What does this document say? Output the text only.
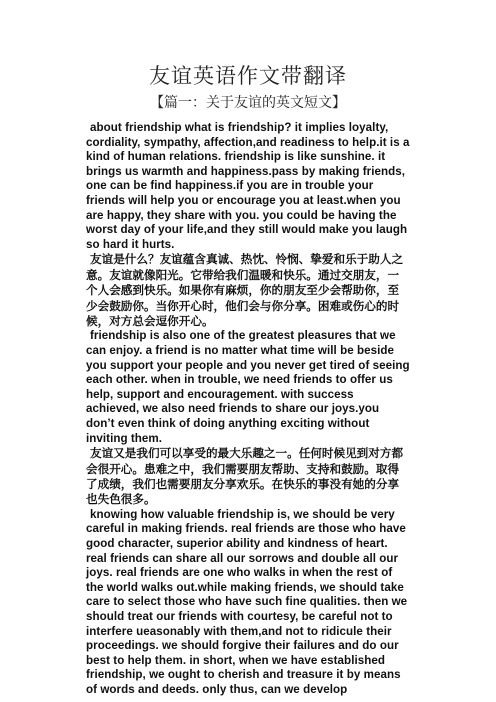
友谊英语作文带翻译
【篇一：关于友谊的英文短文】

about friendship what is friendship? it implies loyalty, cordiality, sympathy, affection,and readiness to help.it is a kind of human relations. friendship is like sunshine. it brings us warmth and happiness.pass by making friends, one can be find happiness.if you are in trouble your friends will help you or encourage you at least.when you are happy, they share with you. you could be having the worst day of your life,and they still would make you laugh so hard it hurts.

友谊是什么？友谊蕴含真诚、热忱、怜悯、挚爱和乐于助人之意。友谊就像阳光。它带给我们温暖和快乐。通过交朋友，一个人会感到快乐。如果你有麻烦，你的朋友至少会帮助你，至少会鼓励你。当你开心时，他们会与你分享。困难或伤心的时候，对方总会逗你开心。

friendship is also one of the greatest pleasures that we can enjoy. a friend is no matter what time will be beside you support your people and you never get tired of seeing each other. when in trouble, we need friends to offer us help, support and encouragement. with success achieved, we also need friends to share our joys.you don’t even think of doing anything exciting without inviting them.

友谊又是我们可以享受的最大乐趣之一。任何时候见到对方都会很开心。患难之中，我们需要朋友帮助、支持和鼓励。取得了成绩，我们也需要朋友分享欢乐。在快乐的事没有她的分享也失色很多。

knowing how valuable friendship is, we should be very careful in making friends. real friends are those who have good character, superior ability and kindness of heart. real friends can share all our sorrows and double all our joys. real friends are one who walks in when the rest of the world walks out.while making friends, we should take care to select those who have such fine qualities. then we should treat our friends with courtesy, be careful not to interfere ueasonably with them,and not to ridicule their proceedings. we should forgive their failures and do our best to help them. in short, when we have established friendship, we ought to cherish and treasure it by means of words and deeds. only thus, can we develop
